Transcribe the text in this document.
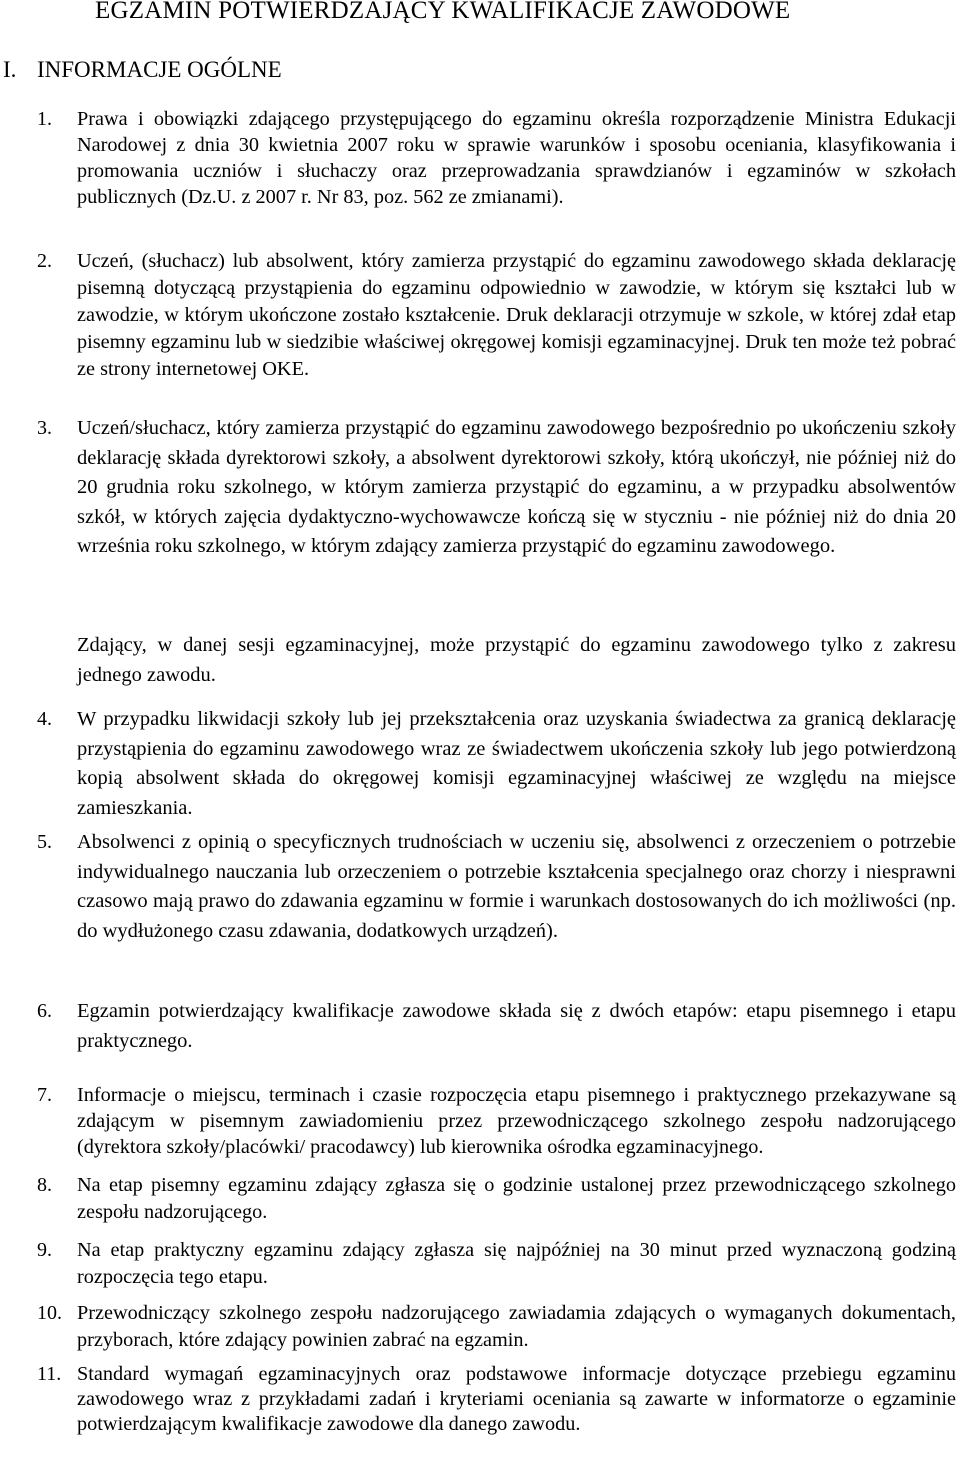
EGZAMIN POTWIERDZAJĄCY KWALIFIKACJE ZAWODOWE
I. INFORMACJE OGÓLNE
1. Prawa i obowiązki zdającego przystępującego do egzaminu określa rozporządzenie Ministra Edukacji Narodowej z dnia 30 kwietnia 2007 roku w sprawie warunków i sposobu oceniania, klasyfikowania i promowania uczniów i słuchaczy oraz przeprowadzania sprawdzianów i egzaminów w szkołach publicznych (Dz.U. z 2007 r. Nr 83, poz. 562 ze zmianami).

2. Uczeń, (słuchacz) lub absolwent, który zamierza przystąpić do egzaminu zawodowego składa deklarację pisemną dotyczącą przystąpienia do egzaminu odpowiednio w zawodzie, w którym się kształci lub w zawodzie, w którym ukończone zostało kształcenie. Druk deklaracji otrzymuje w szkole, w której zdał etap pisemny egzaminu lub w siedzibie właściwej okręgowej komisji egzaminacyjnej. Druk ten może też pobrać ze strony internetowej OKE.

3. Uczeń/słuchacz, który zamierza przystąpić do egzaminu zawodowego bezpośrednio po ukończeniu szkoły deklarację składa dyrektorowi szkoły, a absolwent dyrektorowi szkoły, którą ukończył, nie później niż do 20 grudnia roku szkolnego, w którym zamierza przystąpić do egzaminu, a w przypadku absolwentów szkół, w których zajęcia dydaktyczno-wychowawcze kończą się w styczniu - nie później niż do dnia 20 września roku szkolnego, w którym zdający zamierza przystąpić do egzaminu zawodowego.

Zdający, w danej sesji egzaminacyjnej, może przystąpić do egzaminu zawodowego tylko z zakresu jednego zawodu.

4. W przypadku likwidacji szkoły lub jej przekształcenia oraz uzyskania świadectwa za granicą deklarację przystąpienia do egzaminu zawodowego wraz ze świadectwem ukończenia szkoły lub jego potwierdzoną kopią absolwent składa do okręgowej komisji egzaminacyjnej właściwej ze względu na miejsce zamieszkania.

5. Absolwenci z opinią o specyficznych trudnościach w uczeniu się, absolwenci z orzeczeniem o potrzebie indywidualnego nauczania lub orzeczeniem o potrzebie kształcenia specjalnego oraz chorzy i niesprawni czasowo mają prawo do zdawania egzaminu w formie i warunkach dostosowanych do ich możliwości (np. do wydłużonego czasu zdawania, dodatkowych urządzeń).

6. Egzamin potwierdzający kwalifikacje zawodowe składa się z dwóch etapów: etapu pisemnego i etapu praktycznego.

7. Informacje o miejscu, terminach i czasie rozpoczęcia etapu pisemnego i praktycznego przekazywane są zdającym w pisemnym zawiadomieniu przez przewodniczącego szkolnego zespołu nadzorującego (dyrektora szkoły/placówki/ pracodawcy) lub kierownika ośrodka egzaminacyjnego.

8. Na etap pisemny egzaminu zdający zgłasza się o godzinie ustalonej przez przewodniczącego szkolnego zespołu nadzorującego.

9. Na etap praktyczny egzaminu zdający zgłasza się najpóźniej na 30 minut przed wyznaczoną godziną rozpoczęcia tego etapu.

10. Przewodniczący szkolnego zespołu nadzorującego zawiadamia zdających o wymaganych dokumentach, przyborach, które zdający powinien zabrać na egzamin.

11. Standard wymagań egzaminacyjnych oraz podstawowe informacje dotyczące przebiegu egzaminu zawodowego wraz z przykładami zadań i kryteriami oceniania są zawarte w informatorze o egzaminie potwierdzającym kwalifikacje zawodowe dla danego zawodu.
